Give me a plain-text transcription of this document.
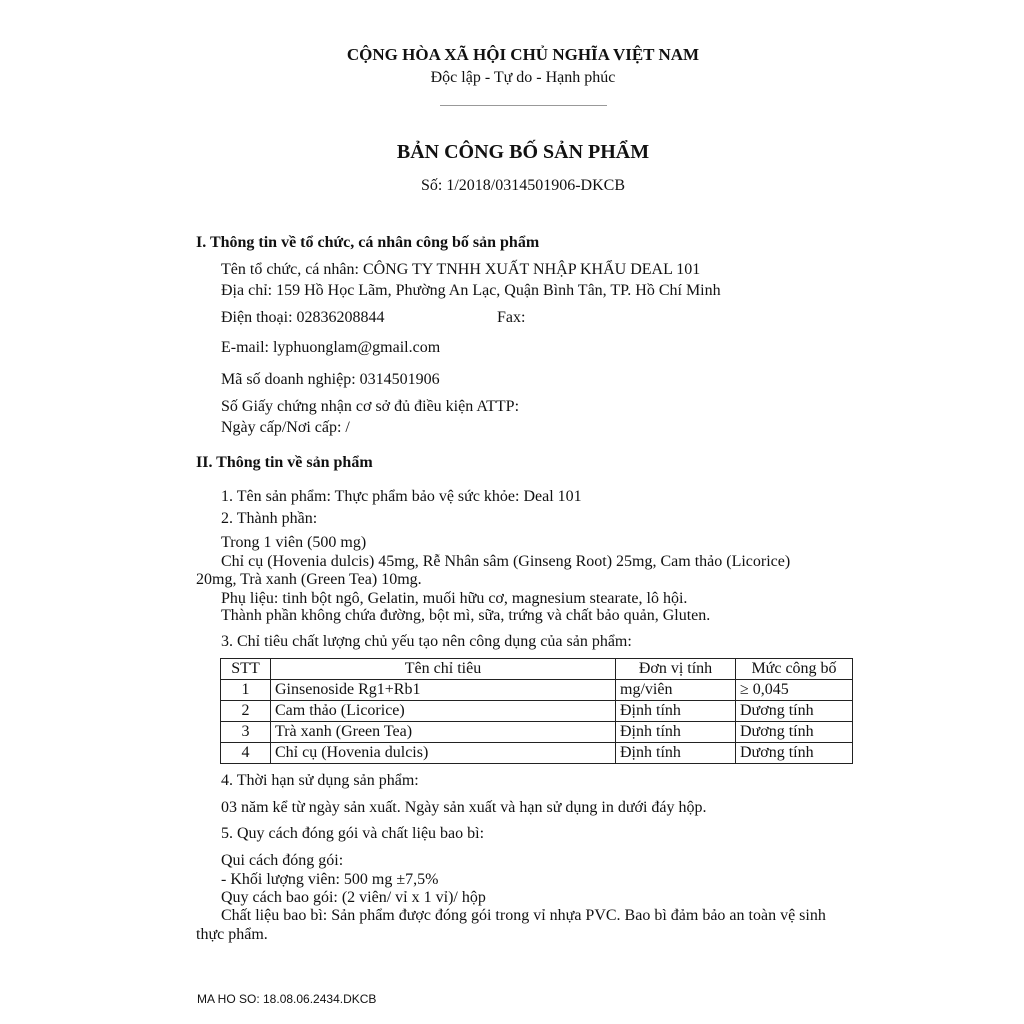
CỘNG HÒA XÃ HỘI CHỦ NGHĨA VIỆT NAM
Độc lập - Tự do - Hạnh phúc
BẢN CÔNG BỐ SẢN PHẨM
Số: 1/2018/0314501906-DKCB
I. Thông tin về tổ chức, cá nhân công bố sản phẩm
Tên tổ chức, cá nhân: CÔNG TY TNHH XUẤT NHẬP KHẨU DEAL 101
Địa chỉ: 159 Hồ Học Lãm, Phường An Lạc, Quận Bình Tân, TP. Hồ Chí Minh
Điện thoại: 02836208844	Fax:
E-mail: lyphuonglam@gmail.com
Mã số doanh nghiệp: 0314501906
Số Giấy chứng nhận cơ sở đủ điều kiện ATTP:
Ngày cấp/Nơi cấp: /
II. Thông tin về sản phẩm
1. Tên sản phẩm: Thực phẩm bảo vệ sức khỏe: Deal 101
2. Thành phần:
Trong 1 viên (500 mg)
Chỉ cụ (Hovenia dulcis) 45mg, Rễ Nhân sâm (Ginseng Root) 25mg, Cam thảo (Licorice)
20mg, Trà xanh (Green Tea) 10mg.
Phụ liệu: tinh bột ngô, Gelatin, muối hữu cơ, magnesium stearate, lô hội.
Thành phần không chứa đường, bột mì, sữa, trứng và chất bảo quản, Gluten.
3. Chỉ tiêu chất lượng chủ yếu tạo nên công dụng của sản phẩm:
STT	Tên chỉ tiêu	Đơn vị tính	Mức công bố
1	Ginsenoside Rg1+Rb1	mg/viên	≥ 0,045
2	Cam thảo (Licorice)	Định tính	Dương tính
3	Trà xanh (Green Tea)	Định tính	Dương tính
4	Chỉ cụ (Hovenia dulcis)	Định tính	Dương tính
4. Thời hạn sử dụng sản phẩm:
03 năm kể từ ngày sản xuất. Ngày sản xuất và hạn sử dụng in dưới đáy hộp.
5. Quy cách đóng gói và chất liệu bao bì:
Qui cách đóng gói:
- Khối lượng viên: 500 mg ±7,5%
Quy cách bao gói: (2 viên/ vỉ x 1 vỉ)/ hộp
Chất liệu bao bì: Sản phẩm được đóng gói trong vỉ nhựa PVC. Bao bì đảm bảo an toàn vệ sinh
thực phẩm.
MA HO SO: 18.08.06.2434.DKCB
